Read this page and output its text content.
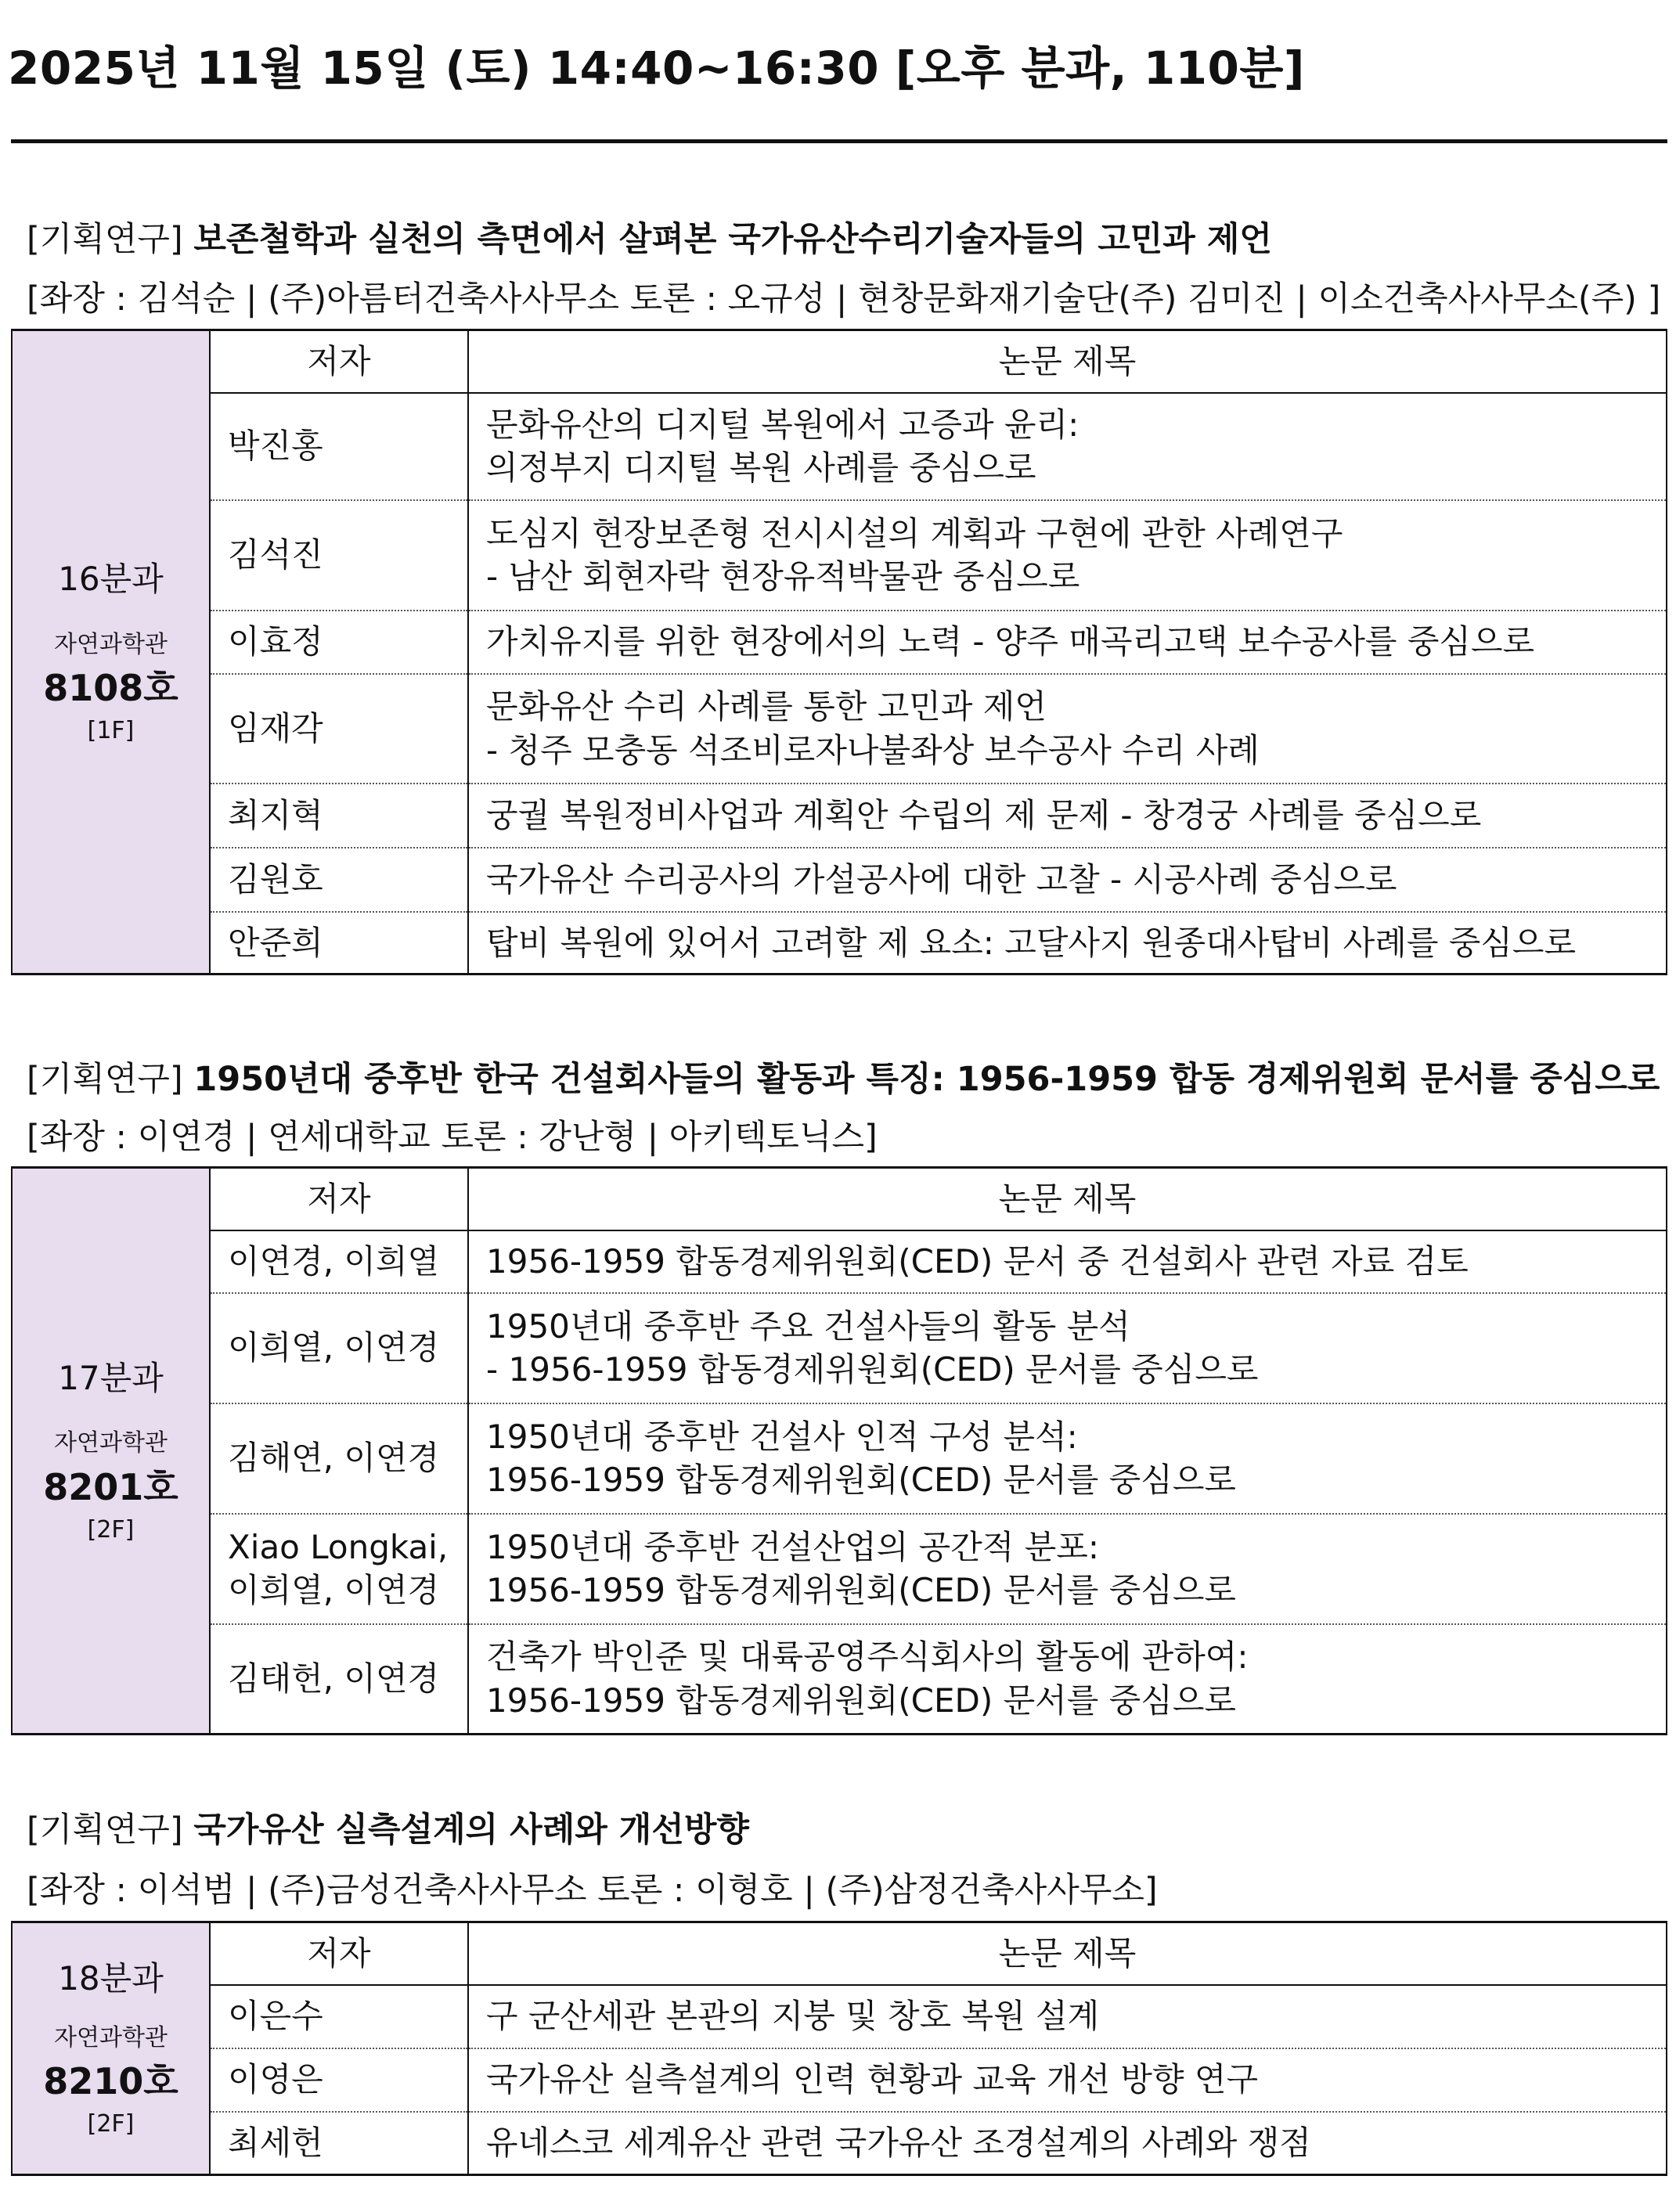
2025년 11월 15일 (토) 14:40~16:30 [오후 분과, 110분]
[기획연구] 보존철학과 실천의 측면에서 살펴본 국가유산수리기술자들의 고민과 제언
[좌장 : 김석순 | (주)아름터건축사사무소 토론 : 오규성 | 현창문화재기술단(주) 김미진 | 이소건축사사무소(주) ]
16분과
자연과학관
8108호
[1F]	저자	논문 제목
	박진홍	문화유산의 디지털 복원에서 고증과 윤리:
의정부지 디지털 복원 사례를 중심으로
	김석진	도심지 현장보존형 전시시설의 계획과 구현에 관한 사례연구
- 남산 회현자락 현장유적박물관 중심으로
	이효정	가치유지를 위한 현장에서의 노력 - 양주 매곡리고택 보수공사를 중심으로
	임재각	문화유산 수리 사례를 통한 고민과 제언
- 청주 모충동 석조비로자나불좌상 보수공사 수리 사례
	최지혁	궁궐 복원정비사업과 계획안 수립의 제 문제 - 창경궁 사례를 중심으로
	김원호	국가유산 수리공사의 가설공사에 대한 고찰 - 시공사례 중심으로
	안준희	탑비 복원에 있어서 고려할 제 요소: 고달사지 원종대사탑비 사례를 중심으로
[기획연구] 1950년대 중후반 한국 건설회사들의 활동과 특징: 1956-1959 합동 경제위원회 문서를 중심으로
[좌장 : 이연경 | 연세대학교 토론 : 강난형 | 아키텍토닉스]
17분과
자연과학관
8201호
[2F]	저자	논문 제목
	이연경, 이희열	1956-1959 합동경제위원회(CED) 문서 중 건설회사 관련 자료 검토
	이희열, 이연경	1950년대 중후반 주요 건설사들의 활동 분석
- 1956-1959 합동경제위원회(CED) 문서를 중심으로
	김해연, 이연경	1950년대 중후반 건설사 인적 구성 분석:
1956-1959 합동경제위원회(CED) 문서를 중심으로
	Xiao Longkai,
이희열, 이연경	1950년대 중후반 건설산업의 공간적 분포:
1956-1959 합동경제위원회(CED) 문서를 중심으로
	김태헌, 이연경	건축가 박인준 및 대륙공영주식회사의 활동에 관하여:
1956-1959 합동경제위원회(CED) 문서를 중심으로
[기획연구] 국가유산 실측설계의 사례와 개선방향
[좌장 : 이석범 | (주)금성건축사사무소 토론 : 이형호 | (주)삼정건축사사무소]
18분과
자연과학관
8210호
[2F]	저자	논문 제목
	이은수	구 군산세관 본관의 지붕 및 창호 복원 설계
	이영은	국가유산 실측설계의 인력 현황과 교육 개선 방향 연구
	최세헌	유네스코 세계유산 관련 국가유산 조경설계의 사례와 쟁점
